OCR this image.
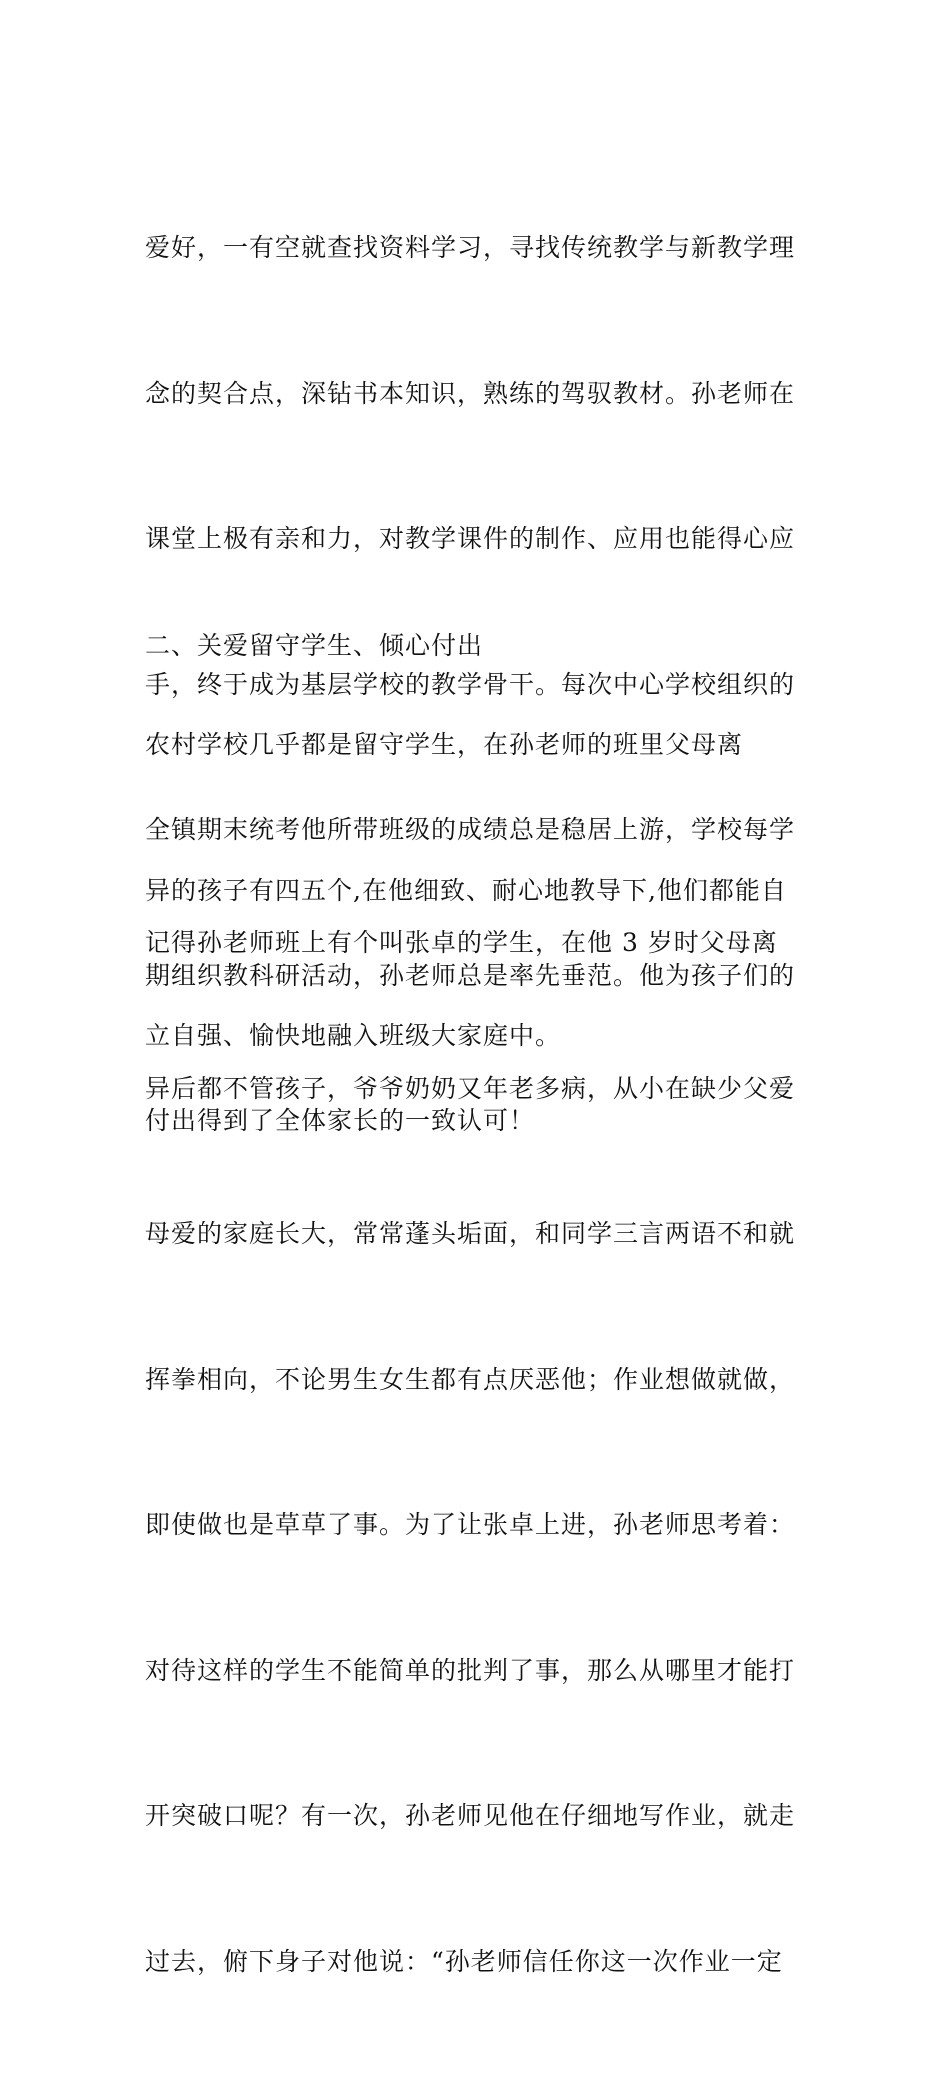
爱好，一有空就查找资料学习，寻找传统教学与新教学理

念的契合点，深钻书本知识，熟练的驾驭教材。孙老师在

课堂上极有亲和力，对教学课件的制作、应用也能得心应

手，终于成为基层学校的教学骨干。每次中心学校组织的

全镇期末统考他所带班级的成绩总是稳居上游，学校每学

期组织教科研活动，孙老师总是率先垂范。他为孩子们的

付出得到了全体家长的一致认可！

二、关爱留守学生、倾心付出

农村学校几乎都是留守学生，在孙老师的班里父母离

异的孩子有四五个,在他细致、耐心地教导下,他们都能自

立自强、愉快地融入班级大家庭中。

记得孙老师班上有个叫张卓的学生，在他 3 岁时父母离

异后都不管孩子，爷爷奶奶又年老多病，从小在缺少父爱

母爱的家庭长大，常常蓬头垢面，和同学三言两语不和就

挥拳相向，不论男生女生都有点厌恶他；作业想做就做，

即使做也是草草了事。为了让张卓上进，孙老师思考着：

对待这样的学生不能简单的批判了事，那么从哪里才能打

开突破口呢？有一次，孙老师见他在仔细地写作业，就走

过去，俯下身子对他说：“孙老师信任你这一次作业一定
